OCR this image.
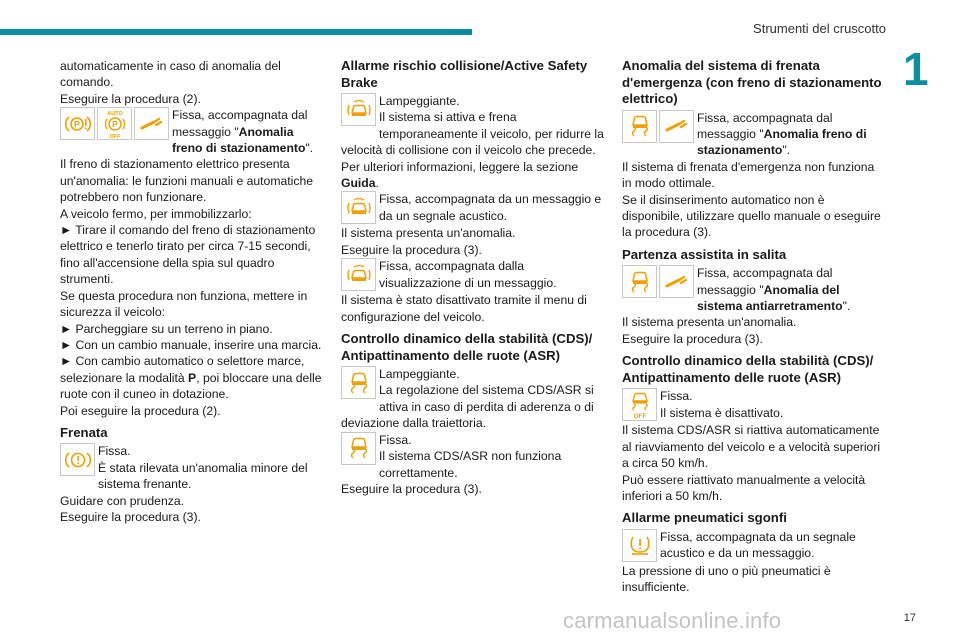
Strumenti del cruscotto
1

automaticamente in caso di anomalia del comando.

Eseguire la procedura (2).

P
AUTO
P
OFF
Fissa, accompagnata dal messaggio "Anomalia freno di stazionamento".

Il freno di stazionamento elettrico presenta un'anomalia: le funzioni manuali e automatiche potrebbero non funzionare.

A veicolo fermo, per immobilizzarlo:

► Tirare il comando del freno di stazionamento elettrico e tenerlo tirato per circa 7-15 secondi, fino all'accensione della spia sul quadro strumenti.

Se questa procedura non funziona, mettere in sicurezza il veicolo:

► Parcheggiare su un terreno in piano.

► Con un cambio manuale, inserire una marcia.

► Con cambio automatico o selettore marce, selezionare la modalità P, poi bloccare una delle ruote con il cuneo in dotazione.

Poi eseguire la procedura (2).

Frenata

Fissa.

È stata rilevata un'anomalia minore del sistema frenante.

Guidare con prudenza.

Eseguire la procedura (3).

Allarme rischio collisione/Active Safety Brake

Lampeggiante.

Il sistema si attiva e frena temporaneamente il veicolo, per ridurre la velocità di collisione con il veicolo che precede.

Per ulteriori informazioni, leggere la sezione Guida.

Fissa, accompagnata da un messaggio e da un segnale acustico.

Il sistema presenta un'anomalia.

Eseguire la procedura (3).

Fissa, accompagnata dalla visualizzazione di un messaggio.

Il sistema è stato disattivato tramite il menu di configurazione del veicolo.

Controllo dinamico della stabilità (CDS)/ Antipattinamento delle ruote (ASR)

Lampeggiante.

La regolazione del sistema CDS/ASR si attiva in caso di perdita di aderenza o di deviazione dalla traiettoria.

Fissa.

Il sistema CDS/ASR non funziona correttamente.

Eseguire la procedura (3).

Anomalia del sistema di frenata d'emergenza (con freno di stazionamento elettrico)
Fissa, accompagnata dal messaggio "Anomalia freno di stazionamento".

Il sistema di frenata d'emergenza non funziona in modo ottimale.

Se il disinserimento automatico non è disponibile, utilizzare quello manuale o eseguire la procedura (3).

Partenza assistita in salita
Fissa, accompagnata dal messaggio "Anomalia del sistema antiarretramento".

Il sistema presenta un'anomalia.

Eseguire la procedura (3).

Controllo dinamico della stabilità (CDS)/ Antipattinamento delle ruote (ASR)
OFF

Fissa.

Il sistema è disattivato.

Il sistema CDS/ASR si riattiva automaticamente al riavviamento del veicolo e a velocità superiori a circa 50 km/h.

Può essere riattivato manualmente a velocità inferiori a 50 km/h.

Allarme pneumatici sgonfi
Fissa, accompagnata da un segnale acustico e da un messaggio.

La pressione di uno o più pneumatici è insufficiente.

carmanualsonline.info	17
